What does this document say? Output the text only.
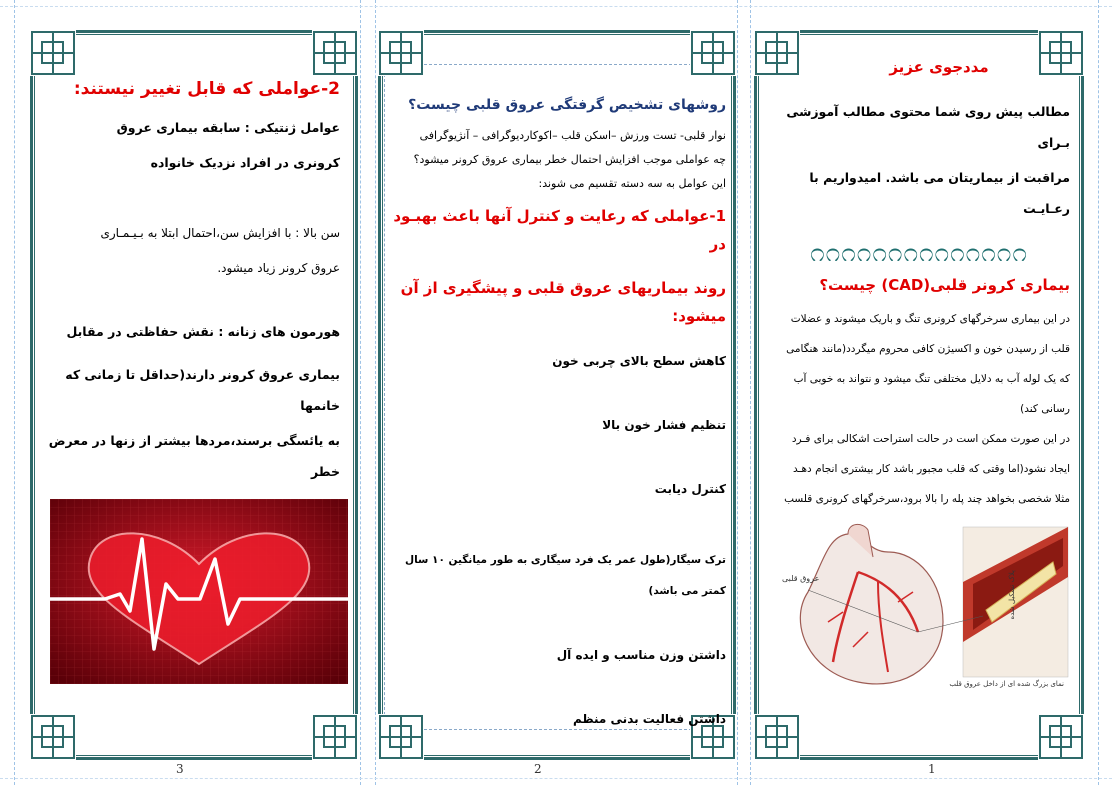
2-عواملی که قابل تغییر نیستند:

عوامل ژنتیکی : سابقه بیماری عروق

کرونری در افراد نزدیک خانواده

سن بالا : با افزایش سن،احتمال ابتلا به بـیـمـاری

عروق کرونر زیاد میشود.

هورمون های زنانه : نقش حفاظتی در مقابل

بیماری عروق کرونر دارند(حداقل تا زمانی که خانمها

به یائسگی برسند،مردها بیشتر از زنها در معرض خطر

3
روشهای تشخیص گرفتگی عروق قلبی چیست؟

نوار قلبی- تست ورزش –اسکن قلب –اکوکاردیوگرافی – آنژیوگرافی

چه عواملی موجب افزایش احتمال خطر بیماری عروق کرونر میشود؟

این عوامل به سه دسته تقسیم می شوند:

1-عواملی که رعایت و کنترل آنها باعث بهبـود در
روند بیماریهای عروق قلبی و پیشگیری از آن میشود:

کاهش سطح بالای چربی خون

تنظیم فشار خون بالا

کنترل دیابت

ترک سیگار(طول عمر یک فرد سیگاری به طور میانگین ۱۰ سال کمتر می باشد)

داشتن وزن مناسب و ایده آل

داشتن فعالیت بدنی منظم

2
مددجوی عزیز

مطالب پیش روی شما محتوی مطالب آموزشی بـرای

مراقبت از بیماریتان می باشد. امیدواریم با رعـایـت

೧೧೧೧೧೧೧೧೧೧೧೧೧೧
بیماری کرونر قلبی(CAD) چیست؟

در این بیماری سرخرگهای کرونری تنگ و باریک میشوند و عضلات

قلب از رسیدن خون و اکسیژن کافی محروم میگردد(مانند هنگامی

که یک لوله آب به دلایل مختلفی تنگ میشود و نتواند به خوبی آب

رسانی کند)

در این صورت ممکن است در حالت استراحت اشکالی برای فـرد

ایجاد نشود(اما وقتی که قلب مجبور باشد کار بیشتری انجام دهـد

مثلا شخصی بخواهد چند پله را بالا برود،سرخرگهای کرونری قلسب

عروق قلبی	پلاک تشکیل شده
نمای بزرگ شده ای از داخل عروق قلب
1
